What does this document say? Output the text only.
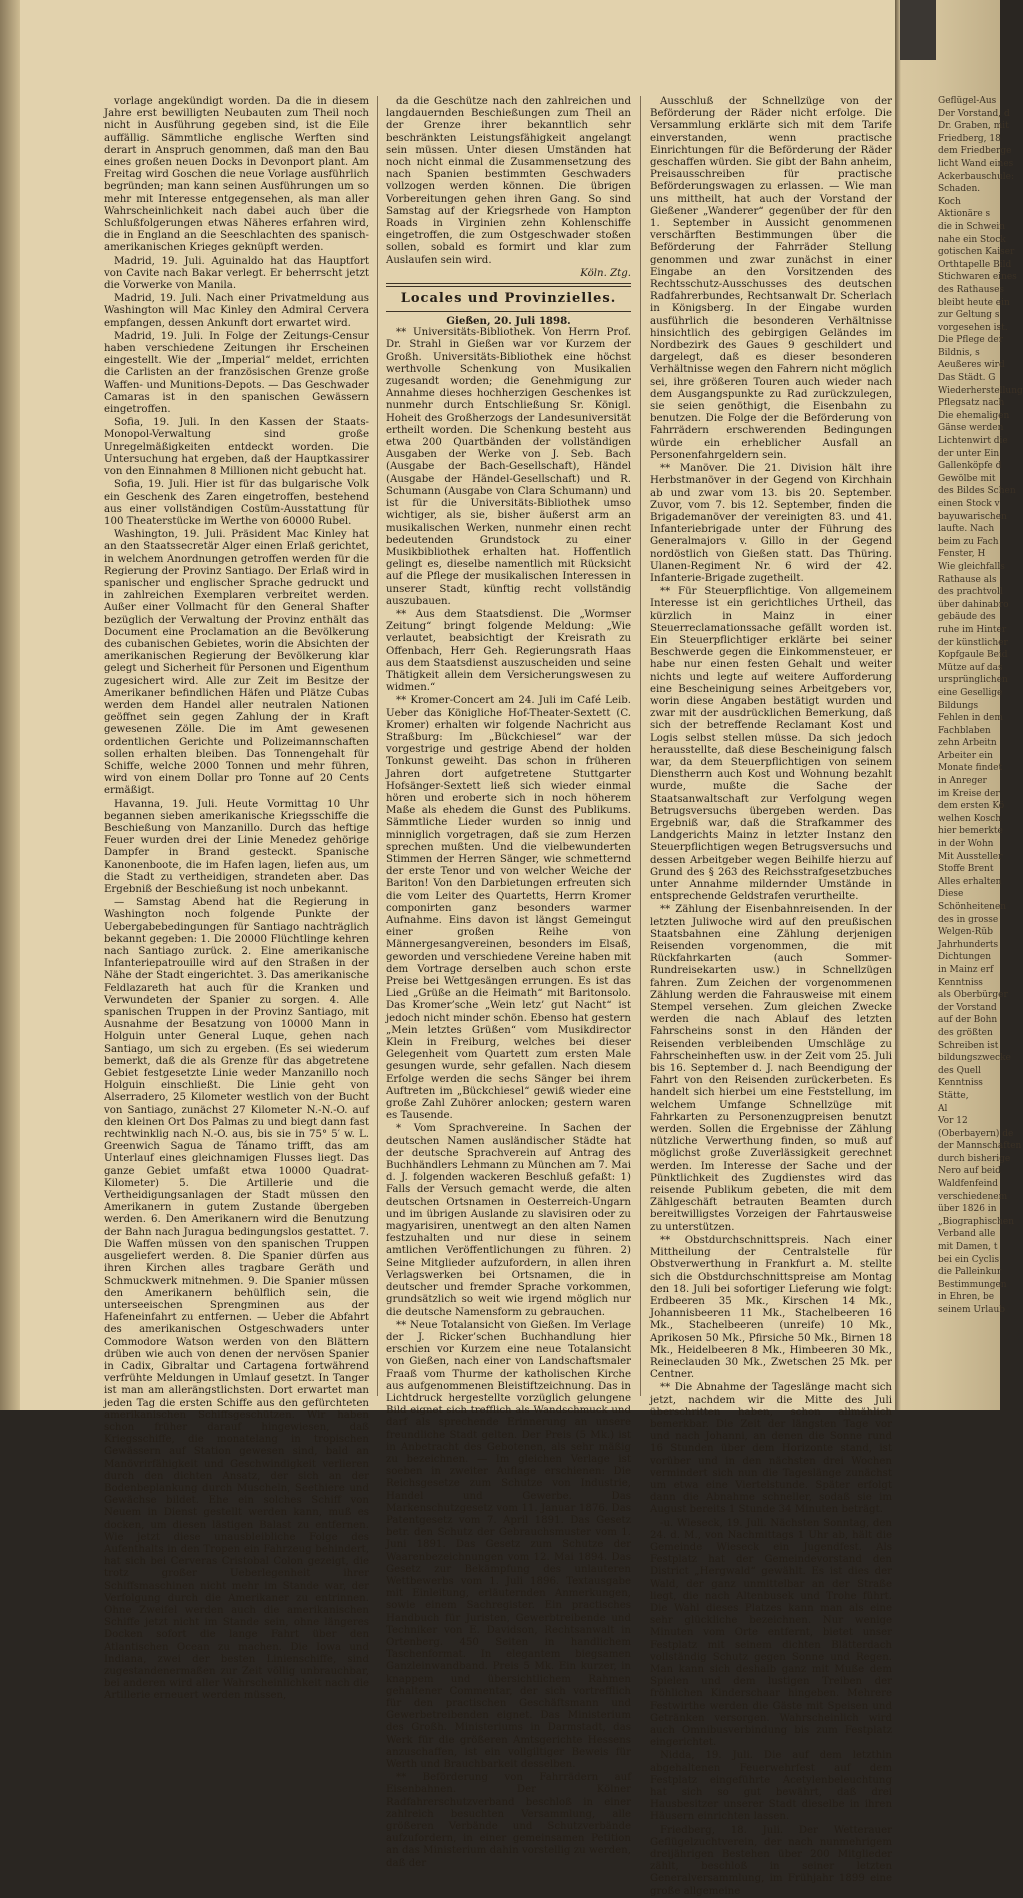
vorlage angekündigt worden. Da die in diesem Jahre erst bewilligten Neubauten zum Theil noch nicht in Ausführung gegeben sind, ist die Eile auffällig. Sämmtliche englische Werften sind derart in Anspruch genommen, daß man den Bau eines großen neuen Docks in Devonport plant. Am Freitag wird Goschen die neue Vorlage ausführlich begründen; man kann seinen Ausführungen um so mehr mit Interesse entgegensehen, als man aller Wahrscheinlichkeit nach dabei auch über die Schlußfolgerungen etwas Näheres erfahren wird, die in England an die Seeschlachten des spanisch-amerikanischen Krieges geknüpft werden.

Madrid, 19. Juli. Aguinaldo hat das Hauptfort von Cavite nach Bakar verlegt. Er beherrscht jetzt die Vorwerke von Manila.

Madrid, 19. Juli. Nach einer Privatmeldung aus Washington will Mac Kinley den Admiral Cervera empfangen, dessen Ankunft dort erwartet wird.

Madrid, 19. Juli. In Folge der Zeitungs-Censur haben verschiedene Zeitungen ihr Erscheinen eingestellt. Wie der „Imperial“ meldet, errichten die Carlisten an der französischen Grenze große Waffen- und Munitions-Depots. — Das Geschwader Camaras ist in den spanischen Gewässern eingetroffen.

Sofia, 19. Juli. In den Kassen der Staats-Monopol-Verwaltung sind große Unregelmäßigkeiten entdeckt worden. Die Untersuchung hat ergeben, daß der Hauptkassirer von den Einnahmen 8 Millionen nicht gebucht hat.

Sofia, 19. Juli. Hier ist für das bulgarische Volk ein Geschenk des Zaren eingetroffen, bestehend aus einer vollständigen Costüm-Ausstattung für 100 Theaterstücke im Werthe von 60000 Rubel.

Washington, 19. Juli. Präsident Mac Kinley hat an den Staatssecretär Alger einen Erlaß gerichtet, in welchem Anordnungen getroffen werden für die Regierung der Provinz Santiago. Der Erlaß wird in spanischer und englischer Sprache gedruckt und in zahlreichen Exemplaren verbreitet werden. Außer einer Vollmacht für den General Shafter bezüglich der Verwaltung der Provinz enthält das Document eine Proclamation an die Bevölkerung des cubanischen Gebietes, worin die Absichten der amerikanischen Regierung der Bevölkerung klar gelegt und Sicherheit für Personen und Eigenthum zugesichert wird. Alle zur Zeit im Besitze der Amerikaner befindlichen Häfen und Plätze Cubas werden dem Handel aller neutralen Nationen geöffnet sein gegen Zahlung der in Kraft gewesenen Zölle. Die im Amt gewesenen ordentlichen Gerichte und Polizeimannschaften sollen erhalten bleiben. Das Tonnengehalt für Schiffe, welche 2000 Tonnen und mehr führen, wird von einem Dollar pro Tonne auf 20 Cents ermäßigt.

Havanna, 19. Juli. Heute Vormittag 10 Uhr begannen sieben amerikanische Kriegsschiffe die Beschießung von Manzanillo. Durch das heftige Feuer wurden drei der Linie Menedez gehörige Dampfer in Brand gesteckt. Spanische Kanonenboote, die im Hafen lagen, liefen aus, um die Stadt zu vertheidigen, strandeten aber. Das Ergebniß der Beschießung ist noch unbekannt.

— Samstag Abend hat die Regierung in Washington noch folgende Punkte der Uebergabebedingungen für Santiago nachträglich bekannt gegeben: 1. Die 20000 Flüchtlinge kehren nach Santiago zurück. 2. Eine amerikanische Infanteriepatrouille wird auf den Straßen in der Nähe der Stadt eingerichtet. 3. Das amerikanische Feldlazareth hat auch für die Kranken und Verwundeten der Spanier zu sorgen. 4. Alle spanischen Truppen in der Provinz Santiago, mit Ausnahme der Besatzung von 10000 Mann in Holguin unter General Luque, gehen nach Santiago, um sich zu ergeben. (Es sei wiederum bemerkt, daß die als Grenze für das abgetretene Gebiet festgesetzte Linie weder Manzanillo noch Holguin einschließt. Die Linie geht von Alserradero, 25 Kilometer westlich von der Bucht von Santiago, zunächst 27 Kilometer N.-N.-O. auf den kleinen Ort Dos Palmas zu und biegt dann fast rechtwinklig nach N.-O. aus, bis sie in 75° 5′ w. L. Greenwich Sagua de Tánamo trifft, das am Unterlauf eines gleichnamigen Flusses liegt. Das ganze Gebiet umfaßt etwa 10000 Quadrat-Kilometer) 5. Die Artillerie und die Vertheidigungsanlagen der Stadt müssen den Amerikanern in gutem Zustande übergeben werden. 6. Den Amerikanern wird die Benutzung der Bahn nach Juragua bedingungslos gestattet. 7. Die Waffen müssen von den spanischen Truppen ausgeliefert werden. 8. Die Spanier dürfen aus ihren Kirchen alles tragbare Geräth und Schmuckwerk mitnehmen. 9. Die Spanier müssen den Amerikanern behülflich sein, die unterseeischen Sprengminen aus der Hafeneinfahrt zu entfernen. — Ueber die Abfahrt des amerikanischen Ostgeschwaders unter Commodore Watson werden von den Blättern drüben wie auch von denen der nervösen Spanier in Cadix, Gibraltar und Cartagena fortwährend verfrühte Meldungen in Umlauf gesetzt. In Tanger ist man am allerängstlichsten. Dort erwartet man jeden Tag die ersten Schiffe aus den gefürchteten amerikanischen Schiffsgeschützen. Wir haben schon früher darauf hingewiesen, daß Kriegsschiffe, die monatelang in tropischen Gewässern auf Station gewesen sind, bald an Manövrirfähigkeit und Geschwindigkeit verlieren durch den dichten Ansatz, der sich an der Bodenbeplankung durch Muscheln, Seethiere und Gewächse bildet. Ehe ein solches Schiff von Neuem in Dienst gestellt werden kann, muß es docken, um diesen lästigen Balast zu entfernen. Wie jetzt diese unausbleibliche Folge des Aufenthalts in den Tropen ein Fahrzeug behindert, hat sich bei Cerveras Cristobal Colon gezeigt, die trotz großer Ueberlegenheit ihrer Schiffsmaschinen nicht mehr im Stande war, der Verfolgung durch die Amerikaner zu entrinnen. Ohne Zweifel werden auch die amerikanischen Schiffe jetzt nicht im Stande sein, ohne längeres Docken sofort die lange Fahrt über den Atlantischen Ocean zu machen. Die Iowa und Indiana, zwei der besten Linienschiffe, sind zugestandenermaßen zur Zeit völlig unbrauchbar, bei anderen wird aller Wahrscheinlichkeit nach die Artillerie erneuert werden müssen,

da die Geschütze nach den zahlreichen und langdauernden Beschießungen zum Theil an der Grenze ihrer bekanntlich sehr beschränkten Leistungsfähigkeit angelangt sein müssen. Unter diesen Umständen hat noch nicht einmal die Zusammensetzung des nach Spanien bestimmten Geschwaders vollzogen werden können. Die übrigen Vorbereitungen gehen ihren Gang. So sind Samstag auf der Kriegsrhede von Hampton Roads in Virginien zehn Kohlenschiffe eingetroffen, die zum Ostgeschwader stoßen sollen, sobald es formirt und klar zum Auslaufen sein wird.

Köln. Ztg.
Locales und Provinzielles.
Gießen, 20. Juli 1898.

** Universitäts-Bibliothek. Von Herrn Prof. Dr. Strahl in Gießen war vor Kurzem der Großh. Universitäts-Bibliothek eine höchst werthvolle Schenkung von Musikalien zugesandt worden; die Genehmigung zur Annahme dieses hochherzigen Geschenkes ist nunmehr durch Entschließung Sr. Königl. Hoheit des Großherzogs der Landesuniversität ertheilt worden. Die Schenkung besteht aus etwa 200 Quartbänden der vollständigen Ausgaben der Werke von J. Seb. Bach (Ausgabe der Bach-Gesellschaft), Händel (Ausgabe der Händel-Gesellschaft) und R. Schumann (Ausgabe von Clara Schumann) und ist für die Universitäts-Bibliothek umso wichtiger, als sie, bisher äußerst arm an musikalischen Werken, nunmehr einen recht bedeutenden Grundstock zu einer Musikbibliothek erhalten hat. Hoffentlich gelingt es, dieselbe namentlich mit Rücksicht auf die Pflege der musikalischen Interessen in unserer Stadt, künftig recht vollständig auszubauen.

** Aus dem Staatsdienst. Die „Wormser Zeitung“ bringt folgende Meldung: „Wie verlautet, beabsichtigt der Kreisrath zu Offenbach, Herr Geh. Regierungsrath Haas aus dem Staatsdienst auszuscheiden und seine Thätigkeit allein dem Versicherungswesen zu widmen.“

** Kromer-Concert am 24. Juli im Café Leib. Ueber das Königliche Hof-Theater-Sextett (C. Kromer) erhalten wir folgende Nachricht aus Straßburg: Im „Bückchiesel“ war der vorgestrige und gestrige Abend der holden Tonkunst geweiht. Das schon in früheren Jahren dort aufgetretene Stuttgarter Hofsänger-Sextett ließ sich wieder einmal hören und eroberte sich in noch höherem Maße als ehedem die Gunst des Publikums. Sämmtliche Lieder wurden so innig und minniglich vorgetragen, daß sie zum Herzen sprechen mußten. Und die vielbewunderten Stimmen der Herren Sänger, wie schmetternd der erste Tenor und von welcher Weiche der Bariton! Von den Darbietungen erfreuten sich die vom Leiter des Quartetts, Herrn Kromer componirten ganz besonders warmer Aufnahme. Eins davon ist längst Gemeingut einer großen Reihe von Männergesangvereinen, besonders im Elsaß, geworden und verschiedene Vereine haben mit dem Vortrage derselben auch schon erste Preise bei Wettgesängen errungen. Es ist das Lied „Grüße an die Heimath“ mit Baritonsolo. Das Kromer’sche „Wein letz’ gut Nacht“ ist jedoch nicht minder schön. Ebenso hat gestern „Mein letztes Grüßen“ vom Musikdirector Klein in Freiburg, welches bei dieser Gelegenheit vom Quartett zum ersten Male gesungen wurde, sehr gefallen. Nach diesem Erfolge werden die sechs Sänger bei ihrem Auftreten im „Bückchiesel“ gewiß wieder eine große Zahl Zuhörer anlocken; gestern waren es Tausende.

* Vom Sprachvereine. In Sachen der deutschen Namen ausländischer Städte hat der deutsche Sprachverein auf Antrag des Buchhändlers Lehmann zu München am 7. Mai d. J. folgenden wackeren Beschluß gefaßt: 1) Falls der Versuch gemacht werde, die alten deutschen Ortsnamen in Oesterreich-Ungarn und im übrigen Auslande zu slavisiren oder zu magyarisiren, unentwegt an den alten Namen festzuhalten und nur diese in seinem amtlichen Veröffentlichungen zu führen. 2) Seine Mitglieder aufzufordern, in allen ihren Verlagswerken bei Ortsnamen, die in deutscher und fremder Sprache vorkommen, grundsätzlich so weit wie irgend möglich nur die deutsche Namensform zu gebrauchen.

** Neue Totalansicht von Gießen. Im Verlage der J. Ricker’schen Buchhandlung hier erschien vor Kurzem eine neue Totalansicht von Gießen, nach einer von Landschaftsmaler Fraaß vom Thurme der katholischen Kirche aus aufgenommenen Bleistiftzeichnung. Das in Lichtdruck hergestellte vorzüglich gelungene Bild eignet sich trefflich als Wandschmuck und darf als sprechende Erinnerung an unsere freundliche Stadt gelten. Der Preis (5 Mk.) ist in Anbetracht des Gebotenen, als sehr mäßig zu bezeichnen. — Im gleichen Verlage ist soeben in zweiter Auflage erschienen: Die Reichsgesetze zum Schutze von Industrie, Handel und Gewerbe. Das Markenschutzgesetz vom 11. Januar 1876. Das Patentgesetz vom 7. April 1891. Das Gesetz betr. den Schutz der Gebrauchsmuster vom 1. Juni 1891. Das Gesetz zum Schutze der Waarenbezeichnungen vom 12. Mai 1894. Das Gesetz zur Bekämpfung des unlauteren Wettbewerbs vom 1. Juli 1896. Textausgabe mit Einleitung, erläuternden Anmerkungen, sowie einem Sachregister. Ein practisches Handbuch für Juristen, Gewerbtreibende und Techniker von E. Davidson, Rechtsanwalt in Ortenberg. 450 Seiten in handlichem Taschenformat. In elegantem biegsamen Ganzleinwandband. Preis 5 Mk. Ein kurzer, in knappem und übersichtlichem Rahmen gehaltener Commentar, der sich vortrefflich für den practischen Geschäftsmann und Gewerbetreibenden eignet. Das Ministerium des Großh. Ministeriums in Darmstadt, das Werk für die größeren Amtsgerichte Hessens anzuschaffen, ist ein vollgiltiger Beweis für Werth und Brauchbarkeit desselben.

** Beförderung von Fahrrädern auf Eisenbahnen. Der Kölner Radfahrerschutzverband beschloß in einer zahlreich besuchten Versammlung, alle größeren Verbände und Schutzverbände aufzufordern, in einer gemeinsamen Petition an das Ministerium dahin vorstellig zu werden, daß der

Ausschluß der Schnellzüge von der Beförderung der Räder nicht erfolge. Die Versammlung erklärte sich mit dem Tarife einverstanden, wenn practische Einrichtungen für die Beförderung der Räder geschaffen würden. Sie gibt der Bahn anheim, Preisausschreiben für practische Beförderungswagen zu erlassen. — Wie man uns mittheilt, hat auch der Vorstand der Gießener „Wanderer“ gegenüber der für den 1. September in Aussicht genommenen verschärften Bestimmungen über die Beförderung der Fahrräder Stellung genommen und zwar zunächst in einer Eingabe an den Vorsitzenden des Rechtsschutz-Ausschusses des deutschen Radfahrerbundes, Rechtsanwalt Dr. Scherlach in Königsberg. In der Eingabe wurden ausführlich die besonderen Verhältnisse hinsichtlich des gebirgigen Geländes im Nordbezirk des Gaues 9 geschildert und dargelegt, daß es dieser besonderen Verhältnisse wegen den Fahrern nicht möglich sei, ihre größeren Touren auch wieder nach dem Ausgangspunkte zu Rad zurückzulegen, sie seien genöthigt, die Eisenbahn zu benutzen. Die Folge der die Beförderung von Fahrrädern erschwerenden Bedingungen würde ein erheblicher Ausfall an Personenfahrgeldern sein.

** Manöver. Die 21. Division hält ihre Herbstmanöver in der Gegend von Kirchhain ab und zwar vom 13. bis 20. September. Zuvor, vom 7. bis 12. September, finden die Brigademanöver der vereinigten 83. und 41. Infanteriebrigade unter der Führung des Generalmajors v. Gillo in der Gegend nordöstlich von Gießen statt. Das Thüring. Ulanen-Regiment Nr. 6 wird der 42. Infanterie-Brigade zugetheilt.

** Für Steuerpflichtige. Von allgemeinem Interesse ist ein gerichtliches Urtheil, das kürzlich in Mainz in einer Steuerreclamationssache gefällt worden ist. Ein Steuerpflichtiger erklärte bei seiner Beschwerde gegen die Einkommensteuer, er habe nur einen festen Gehalt und weiter nichts und legte auf weitere Aufforderung eine Bescheinigung seines Arbeitgebers vor, worin diese Angaben bestätigt wurden und zwar mit der ausdrücklichen Bemerkung, daß sich der betreffende Reclamant Kost und Logis selbst stellen müsse. Da sich jedoch herausstellte, daß diese Bescheinigung falsch war, da dem Steuerpflichtigen von seinem Dienstherrn auch Kost und Wohnung bezahlt wurde, mußte die Sache der Staatsanwaltschaft zur Verfolgung wegen Betrugsversuchs übergeben werden. Das Ergebniß war, daß die Strafkammer des Landgerichts Mainz in letzter Instanz den Steuerpflichtigen wegen Betrugsversuchs und dessen Arbeitgeber wegen Beihilfe hierzu auf Grund des § 263 des Reichsstrafgesetzbuches unter Annahme mildernder Umstände in entsprechende Geldstrafen verurtheilte.

** Zählung der Eisenbahnreisenden. In der letzten Juliwoche wird auf den preußischen Staatsbahnen eine Zählung derjenigen Reisenden vorgenommen, die mit Rückfahrkarten (auch Sommer-Rundreisekarten usw.) in Schnellzügen fahren. Zum Zeichen der vorgenommenen Zählung werden die Fahrausweise mit einem Stempel versehen. Zum gleichen Zwecke werden die nach Ablauf des letzten Fahrscheins sonst in den Händen der Reisenden verbleibenden Umschläge zu Fahrscheinheften usw. in der Zeit vom 25. Juli bis 16. September d. J. nach Beendigung der Fahrt von den Reisenden zurückerbeten. Es handelt sich hierbei um eine Feststellung, im welchem Umfange Schnellzüge mit Fahrkarten zu Personenzugpreisen benutzt werden. Sollen die Ergebnisse der Zählung nützliche Verwerthung finden, so muß auf möglichst große Zuverlässigkeit gerechnet werden. Im Interesse der Sache und der Pünktlichkeit des Zugdienstes wird das reisende Publikum gebeten, die mit dem Zählgeschäft betrauten Beamten durch bereitwilligstes Vorzeigen der Fahrtausweise zu unterstützen.

** Obstdurchschnittspreis. Nach einer Mittheilung der Centralstelle für Obstverwerthung in Frankfurt a. M. stellte sich die Obstdurchschnittspreise am Montag den 18. Juli bei sofortiger Lieferung wie folgt: Erdbeeren 35 Mk., Kirschen 14 Mk., Johannisbeeren 11 Mk., Stachelbeeren 16 Mk., Stachelbeeren (unreife) 10 Mk., Aprikosen 50 Mk., Pfirsiche 50 Mk., Birnen 18 Mk., Heidelbeeren 8 Mk., Himbeeren 30 Mk., Reineclauden 30 Mk., Zwetschen 25 Mk. per Centner.

** Die Abnahme der Tageslänge macht sich jetzt, nachdem wir die Mitte des Juli überschritten haben, schon allmählich bemerkbar. Die Zeit der längsten Tage vor und nach Johanni, an denen die Sonne rund 16 Stunden über dem Horizonte stand, ist vorüber und in den nächsten drei Wochen vermindert sich nun die Tageslänge zunächst um etwa eine Viertelstunde. Später erfolgt dann die Abnahme schneller, sodaß sie im August bereits 1 Stunde 34 Minuten beträgt.

-u. Wieseck, 19. Juli. Nächsten Sonntag, den 24. d. M., von Nachmittags 1 Uhr ab, hält die Gemeinde Wieseck ein Jugendfest. Als Festplatz hat der Gemeindevorstand den District „Hergwald“ gewählt. Es ist dies der Wald, der ganz unmittelbar an der Straße liegt, die nach Altenbusek und Trohe führt. Die Wahl dieses Platzes kann man als eine sehr glückliche bezeichnen. Nur wenige Minuten vom Orte entfernt, bietet unser Festplatz mit seinem dichten Blätterdach vollständig Schutz gegen Sonne und Regen. Man kann sich deshalb ganz mit Muße dem Spielen und dem lustigen Treiben der fröhlichen Kinderschaar hingeben. Mehrere Festwirthe werden die Gäste mit Speisen und Getränken versorgen. Wahrscheinlich wird auch Omnibusverbindung bis zum Festplatz eingerichtet.

Nidda, 19. Juli. Die auf dem letzthin abgehaltenen Feuerwehrfest auf dem Festplatz eingeführte Acetylenbeleuchtung hat sich so gut bewährt, daß drei Hausbesitzer unserer Stadt dieselbe in ihren Häusern einrichten lassen.

Friedberg, 18. Juli. Der Wetterauer Geflügelzuchtverein, der nach nunmehrigem dreijährigen Bestehen über 200 Mitglieder zählt, beschloß in seiner letzten Generalversammlung, im Frühjahr 1899 eine große allgemeine

Geflügel-Aus

Der Vorstand, d

Dr. Graben, mit

Friedberg, 18

dem Friedberge

licht Wand eines

Ackerbauschule:

Schaden.

Koch

Aktionäre s

die in Schwein

nahe ein Stock

gotischen Kaiser

Orthtapelle Bild

Stichwaren eines

des Rathauses

bleibt heute ein

zur Geltung s

vorgesehen ist.

Die Pflege der

Bildnis, s

Aeußeres wird

Das Städt. G

Wiederherstellung

Pflegsatz nach

Die ehemaligen

Gänse werden

Lichtenwirt die

der unter Ein

Gallenköpfe d

Gewölbe mit

des Bildes Schen

einen Stock v

bayuwarischen

laufte. Nach

beim zu Fach

Fenster, H

Wie gleichfalls

Rathause als

des prachtvoll

über dahinabro

gebäude des

ruhe im Hinter

der künstlicher

Kopfgaule Beid

Mütze auf das

ursprünglichen

eine Gesellige

Bildungs

Fehlen in dem

Fachblaben

zehn Arbeitn

Arbeiter ein

Monate findet

in Anreger

im Kreise der

dem ersten Kö

welhen Kosch

hier bemerkte

in der Wohn

Mit Aussteller

Stoffe Brent

Alles erhalten

Diese

Schönheitenen

des in grosse

Welgen-Rüb

Jahrhunderts

Dichtungen

in Mainz erf

Kenntniss

als Oberbürger

der Vorstand

auf der Bohn

des größten

Schreiben ist

bildungszwecke

des Quell

Kenntniss

Stätte,

Al

Vor 12

(Oberbayern) de

der Mannschaften

durch bisherige

Nero auf beid

Waldfenfeind

verschiedenem

über 1826 in

„Biographischen

Verband alle

mit Damen, t

bei ein Cyclis

die Palleinkur

Bestimmungen

in Ehren, be

seinem Urlaub
